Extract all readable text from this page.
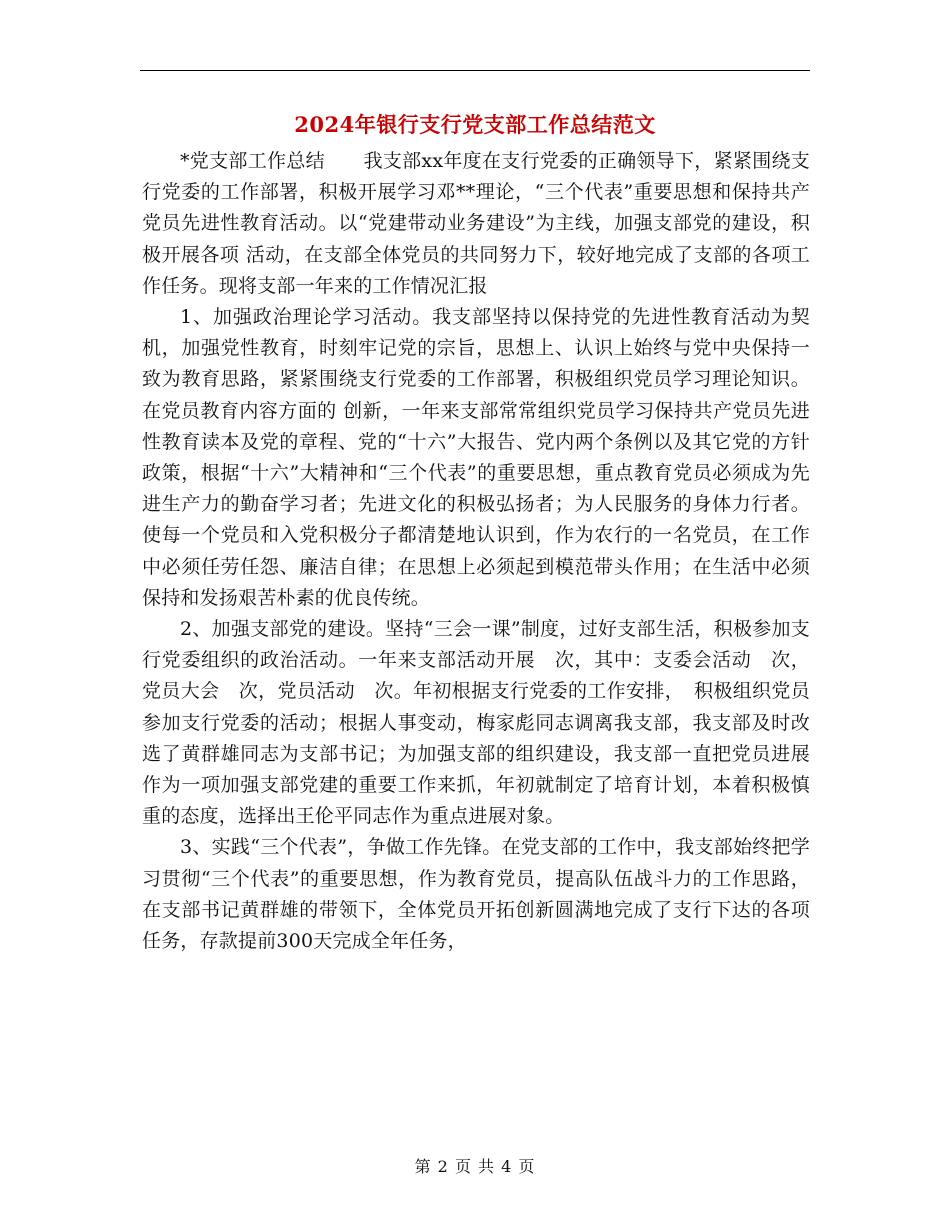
2024年银行支行党支部工作总结范文

*党支部工作总结　　我支部xx年度在支行党委的正确领导下，紧紧围绕支行党委的工作部署，积极开展学习邓**理论，“三个代表”重要思想和保持共产党员先进性教育活动。以“党建带动业务建设”为主线，加强支部党的建设，积极开展各项 活动，在支部全体党员的共同努力下，较好地完成了支部的各项工作任务。现将支部一年来的工作情况汇报

1、加强政治理论学习活动。我支部坚持以保持党的先进性教育活动为契机，加强党性教育，时刻牢记党的宗旨，思想上、认识上始终与党中央保持一致为教育思路，紧紧围绕支行党委的工作部署，积极组织党员学习理论知识。在党员教育内容方面的 创新，一年来支部常常组织党员学习保持共产党员先进性教育读本及党的章程、党的“十六”大报告、党内两个条例以及其它党的方针政策，根据“十六”大精神和“三个代表”的重要思想，重点教育党员必须成为先进生产力的勤奋学习者；先进文化的积极弘扬者；为人民服务的身体力行者。使每一个党员和入党积极分子都清楚地认识到，作为农行的一名党员，在工作中必须任劳任怨、廉洁自律；在思想上必须起到模范带头作用；在生活中必须保持和发扬艰苦朴素的优良传统。

2、加强支部党的建设。坚持“三会一课”制度，过好支部生活，积极参加支行党委组织的政治活动。一年来支部活动开展　次，其中：支委会活动　次，党员大会　次，党员活动　次。年初根据支行党委的工作安排，　积极组织党员参加支行党委的活动；根据人事变动，梅家彪同志调离我支部，我支部及时改选了黄群雄同志为支部书记；为加强支部的组织建设，我支部一直把党员进展作为一项加强支部党建的重要工作来抓，年初就制定了培育计划，本着积极慎重的态度，选择出王伦平同志作为重点进展对象。

3、实践“三个代表”，争做工作先锋。在党支部的工作中，我支部始终把学习贯彻“三个代表”的重要思想，作为教育党员，提高队伍战斗力的工作思路，在支部书记黄群雄的带领下，全体党员开拓创新圆满地完成了支行下达的各项任务，存款提前300天完成全年任务，

第 2 页 共 4 页
